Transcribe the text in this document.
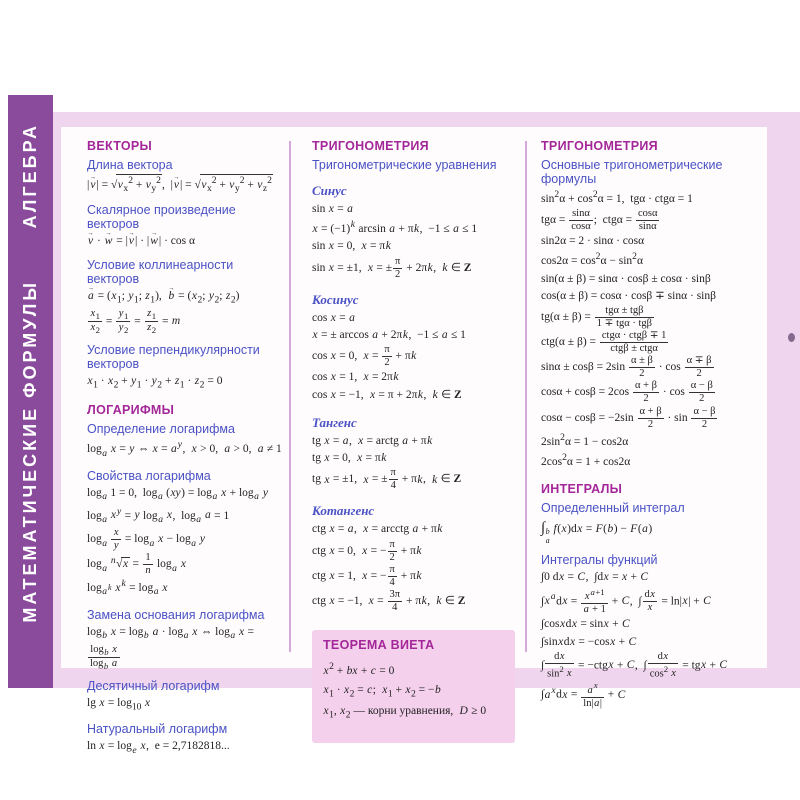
АЛГЕБРА
МАТЕМАТИЧЕСКИЕ ФОРМУЛЫ
ВЕКТОРЫ
Длина вектора
|→ $v| = √v_x^2 + v_y^2$,  |→ $v| = √v_x^2 + v_y^2 + v_z^2$
Скалярное произведение векторов
→ v · → w = |→ v| · |→ w| · cos α
Условие коллинеарности векторов
→ $a = (x_1$; $y_1$; $z_1$),  → $b = (x_2$; $y_2$; $z_2$)
$\frac{x_1}{x_2} = \frac{y_1}{y_2} = \frac{z_1}{z_2} = m$
Условие перпендикулярности векторов
$x_1 \cdot x_2 + y_1 \cdot y_2 + z_1 \cdot z_2 = 0$
ЛОГАРИФМЫ
Определение логарифма
$\log_a x = y$ ⇔ $x = a^y$,  x > 0,  a > 0,  a ≠ 1
Свойства логарифма
$\log_a 1 = 0$,  $\log_a (xy) = \log_a x + \log_a y$
$\log_a x^y = y$ $\log_a x$,  $\log_a a = 1$
$\log_a \frac{x}{y} = \log_a x - \log_a y$
$\log_a ^n√x = \frac{1}{n} \log_a x$
$\log_{a^k} x^k = \log_a x$
Замена основания логарифма
$\log_b x = \log_b a \cdot \log_a x$ ⇔ $\log_a x$ =
$\frac{\log_b x}{\log_b a}$
Десятичный логарифм
$\lg x = \log_{10} x$
Натуральный логарифм
$\ln x = \log_e x$,  e = 2,7182818...
ТРИГОНОМЕТРИЯ
Тригонометрические уравнения
Синус
sin x = a
$x = (-1)^k$ arcsin a + πk,  −1 ≤ a ≤ 1
sin x = 0,  x = πk
sin x = ±1,  x = ± $\frac{\pi}{2} + 2\pi k$,  k ∈ Z
Косинус
cos x = a
x = ± arccos a + 2πk,  −1 ≤ a ≤ 1
cos x = 0,  $x = \frac{\pi}{2} + \pi k$
cos x = 1,  x = 2πk
cos x = −1,  x = π + 2πk,  k ∈ Z
Тангенс
tg x = a,  x = arctg a + πk
tg x = 0,  x = πk
tg x = ±1,  x = ± $\frac{\pi}{4} + \pi k$,  k ∈ Z
Котангенс
ctg x = a,  x = arcctg a + πk
ctg x = 0,  x = − $\frac{\pi}{2} + \pi k$
ctg x = 1,  x = − $\frac{\pi}{4} + \pi k$
ctg x = −1,  $x = \frac{3\pi}{4} + \pi k$,  k ∈ Z
ТЕОРЕМА ВИЕТА
$x^2$ + bx + c = 0
$x_1 \cdot x_2 = c$;  $x_1 + x_2 = -b$
$x_1$, $x_2$ — корни уравнения,  D ≥ 0
ТРИГОНОМЕТРИЯ
Основные тригонометрические формулы
$\sin^2\alpha + \cos^2\alpha = 1$,  tgα · ctgα = 1
$tg\alpha = \frac{\sin\alpha}{\cos\alpha}$ ;  $ctg\alpha = \frac{\cos\alpha}{\sin\alpha}$
sin2α = 2 · sinα · cosα
$\cos 2\alpha = \cos^2\alpha - \sin^2\alpha$
sin(α ± β) = sinα · cosβ ± cosα · sinβ
cos(α ± β) = cosα · cosβ ∓ sinα · sinβ
$tg(\alpha \pm \beta) = \frac{\text{tgα ± tgβ}}{\text{1 ∓ tgα · tgβ}}$
$ctg(\alpha \pm \beta) = \frac{\text{ctgα · ctgβ ∓ 1}}{\text{ctgβ ± ctgα}}$
$\sin\alpha \pm \cos\beta = 2\sin \frac{\alpha \pm \beta}{2} \cdot \cos \frac{\alpha \mp \beta}{2}$
$\cos\alpha + \cos\beta = 2\cos \frac{\alpha + \beta}{2} \cdot \cos \frac{\alpha - \beta}{2}$
$\cos\alpha - \cos\beta = -2\sin \frac{\alpha + \beta}{2} \cdot \sin \frac{\alpha - \beta}{2}$
$2\sin^2\alpha = 1 - \cos 2\alpha$
$2\cos^2\alpha = 1 + \cos 2\alpha$
ИНТЕГРАЛЫ
Определенный интеграл
∫ b
a
f(x)dx = F(b) − F(a)
Интегралы функций
∫0 dx = C,  ∫dx = x + C
$\int x^adx = \frac{x^{a+1}}{a + 1} + C$,  ∫ $\frac{dx}{x} = \ln|x| + C$
∫cosxdx = sinx + C
∫sinxdx = −cosx + C
∫ $\frac{dx}{\sin^2 x}$ = −ctgx + C,  ∫ $\frac{dx}{\cos^2 x}$ = tgx + C
$\int a^xdx = \frac{a^x}{\ln|a|} + C$
